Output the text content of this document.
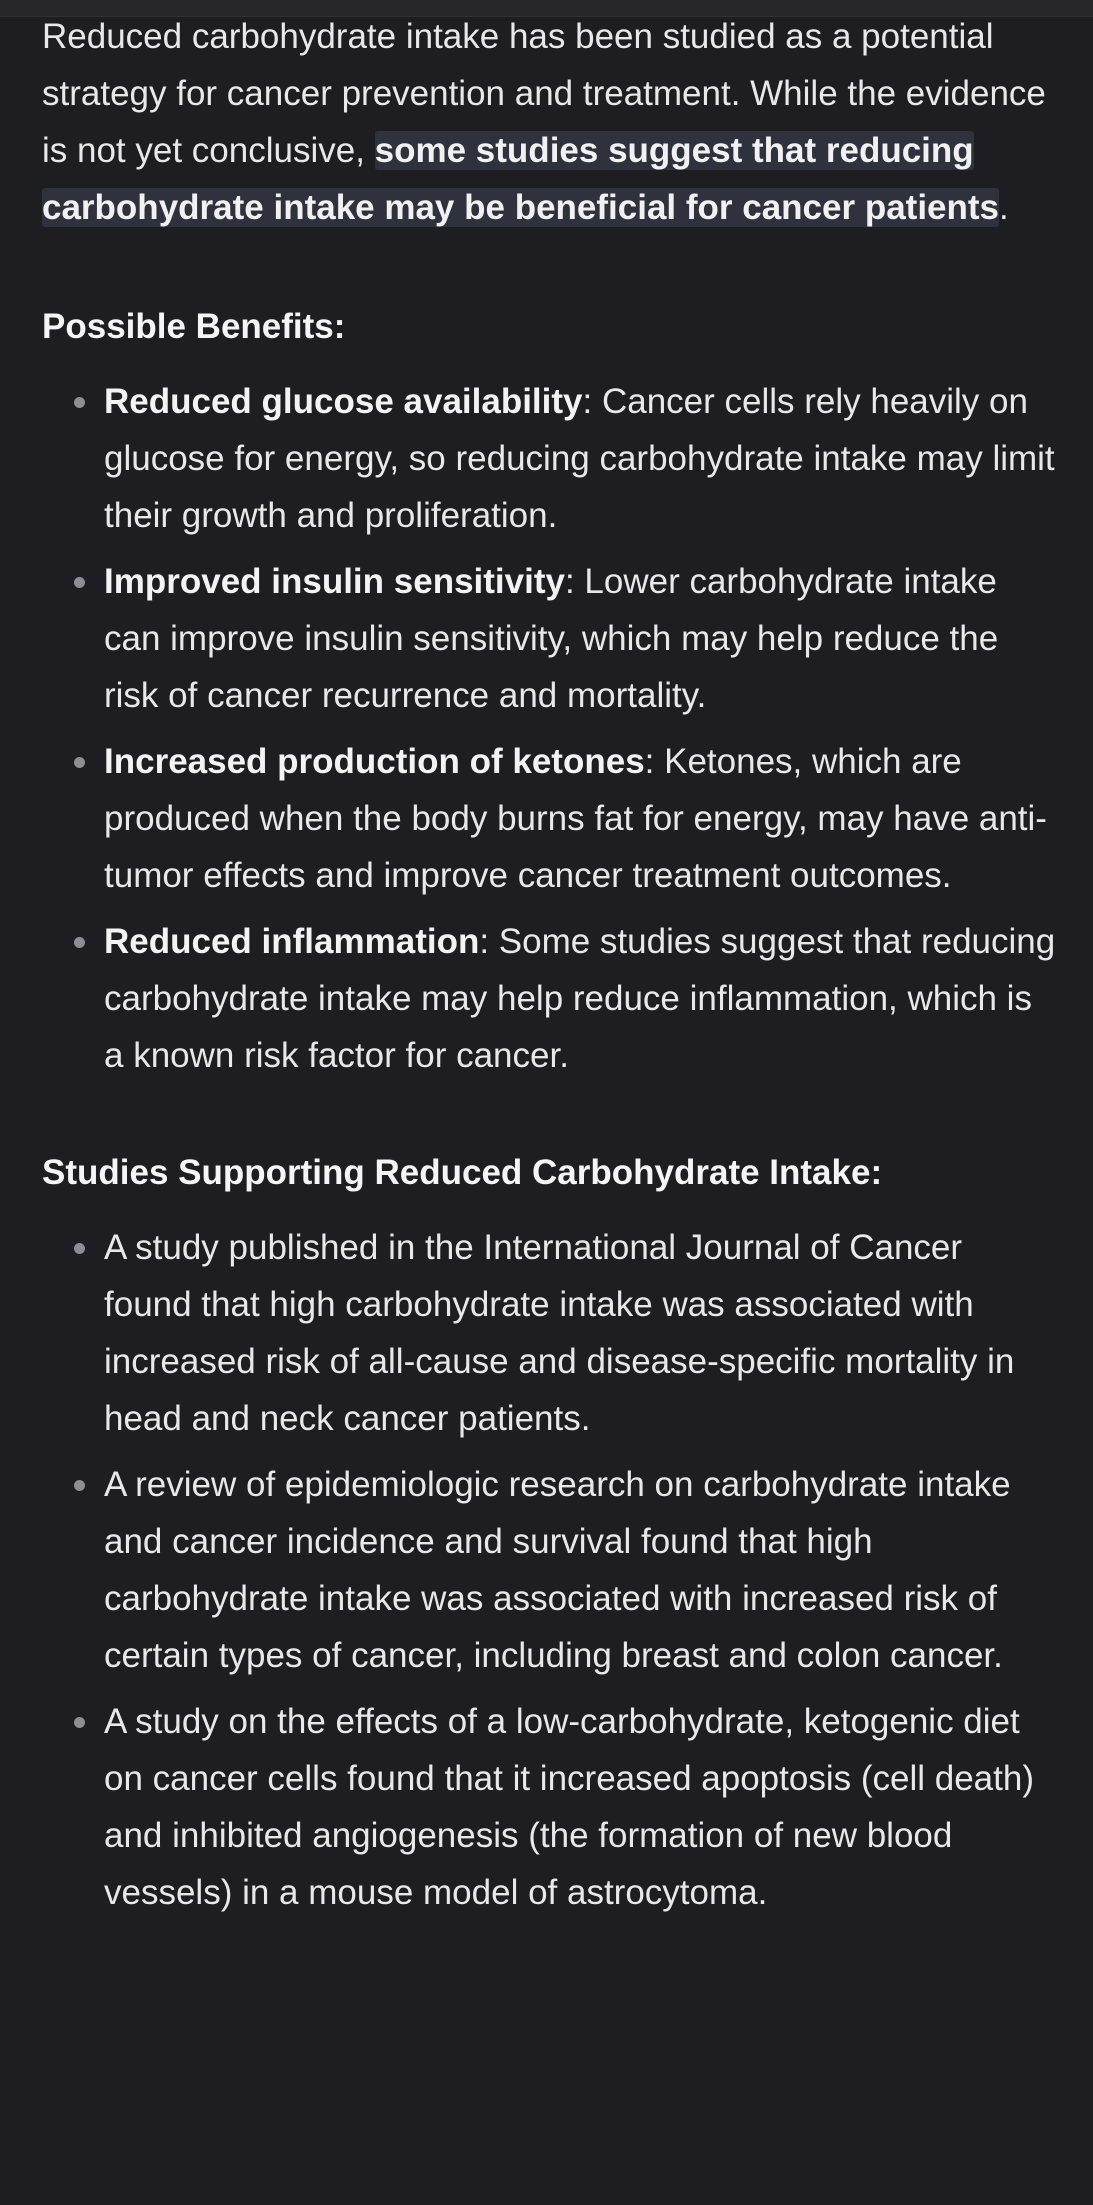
Reduced carbohydrate intake has been studied as a potential strategy for cancer prevention and treatment. While the evidence is not yet conclusive, some studies suggest that reducing carbohydrate intake may be beneficial for cancer patients.

Possible Benefits:
Reduced glucose availability: Cancer cells rely heavily on glucose for energy, so reducing carbohydrate intake may limit their growth and proliferation.
Improved insulin sensitivity: Lower carbohydrate intake can improve insulin sensitivity, which may help reduce the risk of cancer recurrence and mortality.
Increased production of ketones: Ketones, which are produced when the body burns fat for energy, may have anti-tumor effects and improve cancer treatment outcomes.
Reduced inflammation: Some studies suggest that reducing carbohydrate intake may help reduce inflammation, which is a known risk factor for cancer.
Studies Supporting Reduced Carbohydrate Intake:
A study published in the International Journal of Cancer found that high carbohydrate intake was associated with increased risk of all-cause and disease-specific mortality in head and neck cancer patients.
A review of epidemiologic research on carbohydrate intake and cancer incidence and survival found that high carbohydrate intake was associated with increased risk of certain types of cancer, including breast and colon cancer.
A study on the effects of a low-carbohydrate, ketogenic diet on cancer cells found that it increased apoptosis (cell death) and inhibited angiogenesis (the formation of new blood vessels) in a mouse model of astrocytoma.
